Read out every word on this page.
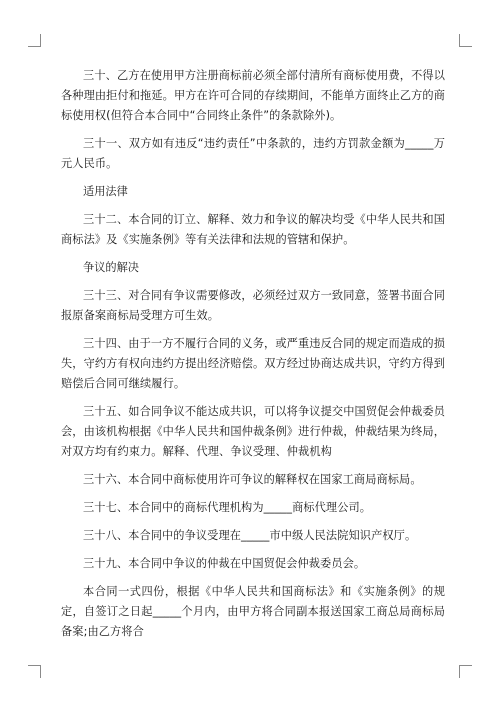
三十、乙方在使用甲方注册商标前必须全部付清所有商标使用费，不得以各种理由拒付和拖延。甲方在许可合同的存续期间，不能单方面终止乙方的商标使用权(但符合本合同中“合同终止条件”的条款除外)。

三十一、双方如有违反“违约责任”中条款的，违约方罚款金额为_____万元人民币。

适用法律

三十二、本合同的订立、解释、效力和争议的解决均受《中华人民共和国商标法》及《实施条例》等有关法律和法规的管辖和保护。

争议的解决

三十三、对合同有争议需要修改，必须经过双方一致同意，签署书面合同报原备案商标局受理方可生效。

三十四、由于一方不履行合同的义务，或严重违反合同的规定而造成的损失，守约方有权向违约方提出经济赔偿。双方经过协商达成共识，守约方得到赔偿后合同可继续履行。

三十五、如合同争议不能达成共识，可以将争议提交中国贸促会仲裁委员会，由该机构根据《中华人民共和国仲裁条例》进行仲裁，仲裁结果为终局，对双方均有约束力。解释、代理、争议受理、仲裁机构

三十六、本合同中商标使用许可争议的解释权在国家工商局商标局。

三十七、本合同中的商标代理机构为_____商标代理公司。

三十八、本合同中的争议受理在_____市中级人民法院知识产权厅。

三十九、本合同中争议的仲裁在中国贸促会仲裁委员会。

本合同一式四份，根据《中华人民共和国商标法》和《实施条例》的规定，自签订之日起_____个月内，由甲方将合同副本报送国家工商总局商标局备案;由乙方将合
